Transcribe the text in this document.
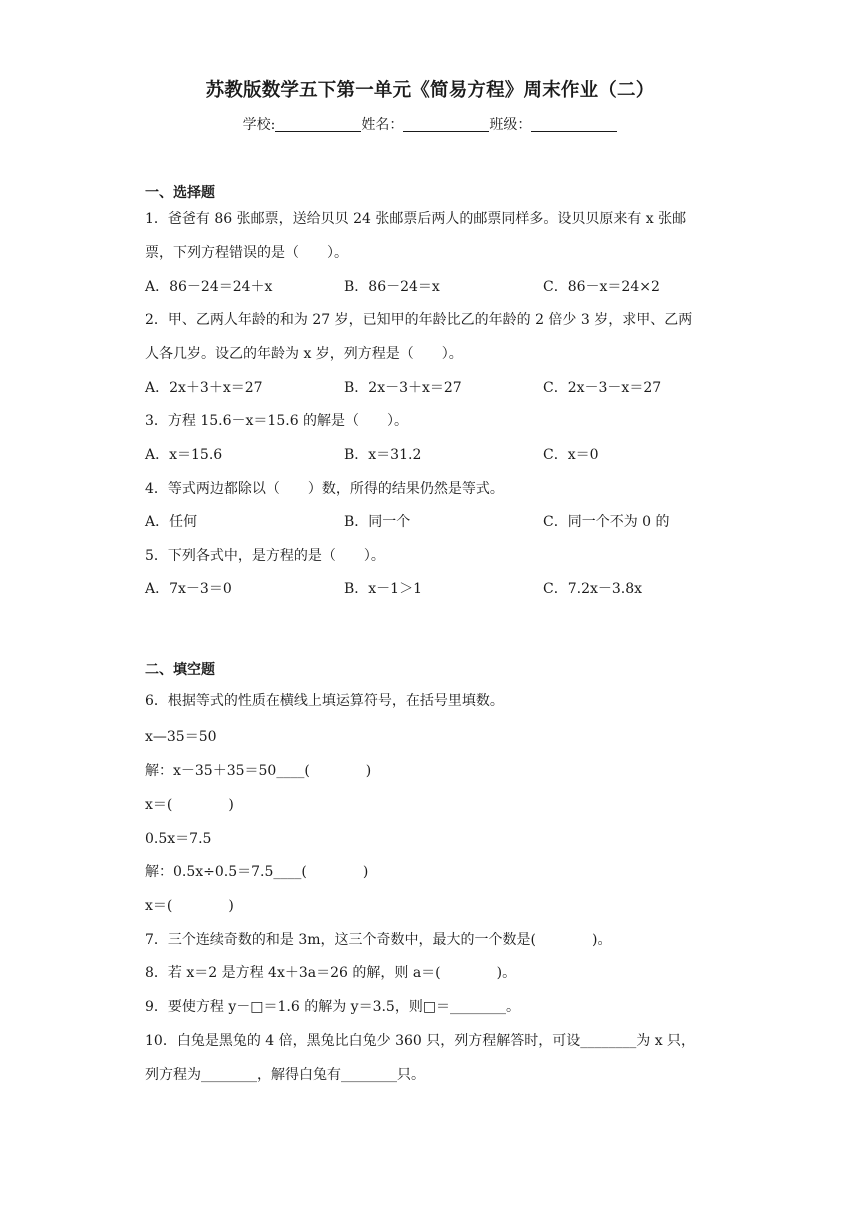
苏教版数学五下第一单元《简易方程》周末作业（二）
学校:	姓名：	班级：
一、选择题
1．爸爸有 86 张邮票，送给贝贝 24 张邮票后两人的邮票同样多。设贝贝原来有 x 张邮
票，下列方程错误的是（　　）。
A．86－24＝24＋x	B．86－24＝x	C．86－x＝24×2
2．甲、乙两人年龄的和为 27 岁，已知甲的年龄比乙的年龄的 2 倍少 3 岁，求甲、乙两
人各几岁。设乙的年龄为 x 岁，列方程是（　　）。
A．2x＋3＋x＝27	B．2x－3＋x＝27	C．2x－3－x＝27
3．方程 15.6－x＝15.6 的解是（　　）。
A．x＝15.6	B．x＝31.2	C．x＝0
4．等式两边都除以（　　）数，所得的结果仍然是等式。
A．任何	B．同一个	C．同一个不为 0 的
5．下列各式中，是方程的是（　　）。
A．7x－3＝0	B．x－1＞1	C．7.2x－3.8x
二、填空题
6．根据等式的性质在横线上填运算符号，在括号里填数。
x—35＝50
解：x－35＋35＝50____(　　　　)
x＝(　　　　)
0.5x＝7.5
解：0.5x÷0.5＝7.5____(　　　　)
x＝(　　　　)
7．三个连续奇数的和是 3m，这三个奇数中，最大的一个数是(　　　　)。
8．若 x＝2 是方程 4x＋3a＝26 的解，则 a＝(　　　　)。
9．要使方程 y－□＝1.6 的解为 y＝3.5，则□＝________。
10．白兔是黑兔的 4 倍，黑兔比白兔少 360 只，列方程解答时，可设________为 x 只，
列方程为________，解得白兔有________只。
